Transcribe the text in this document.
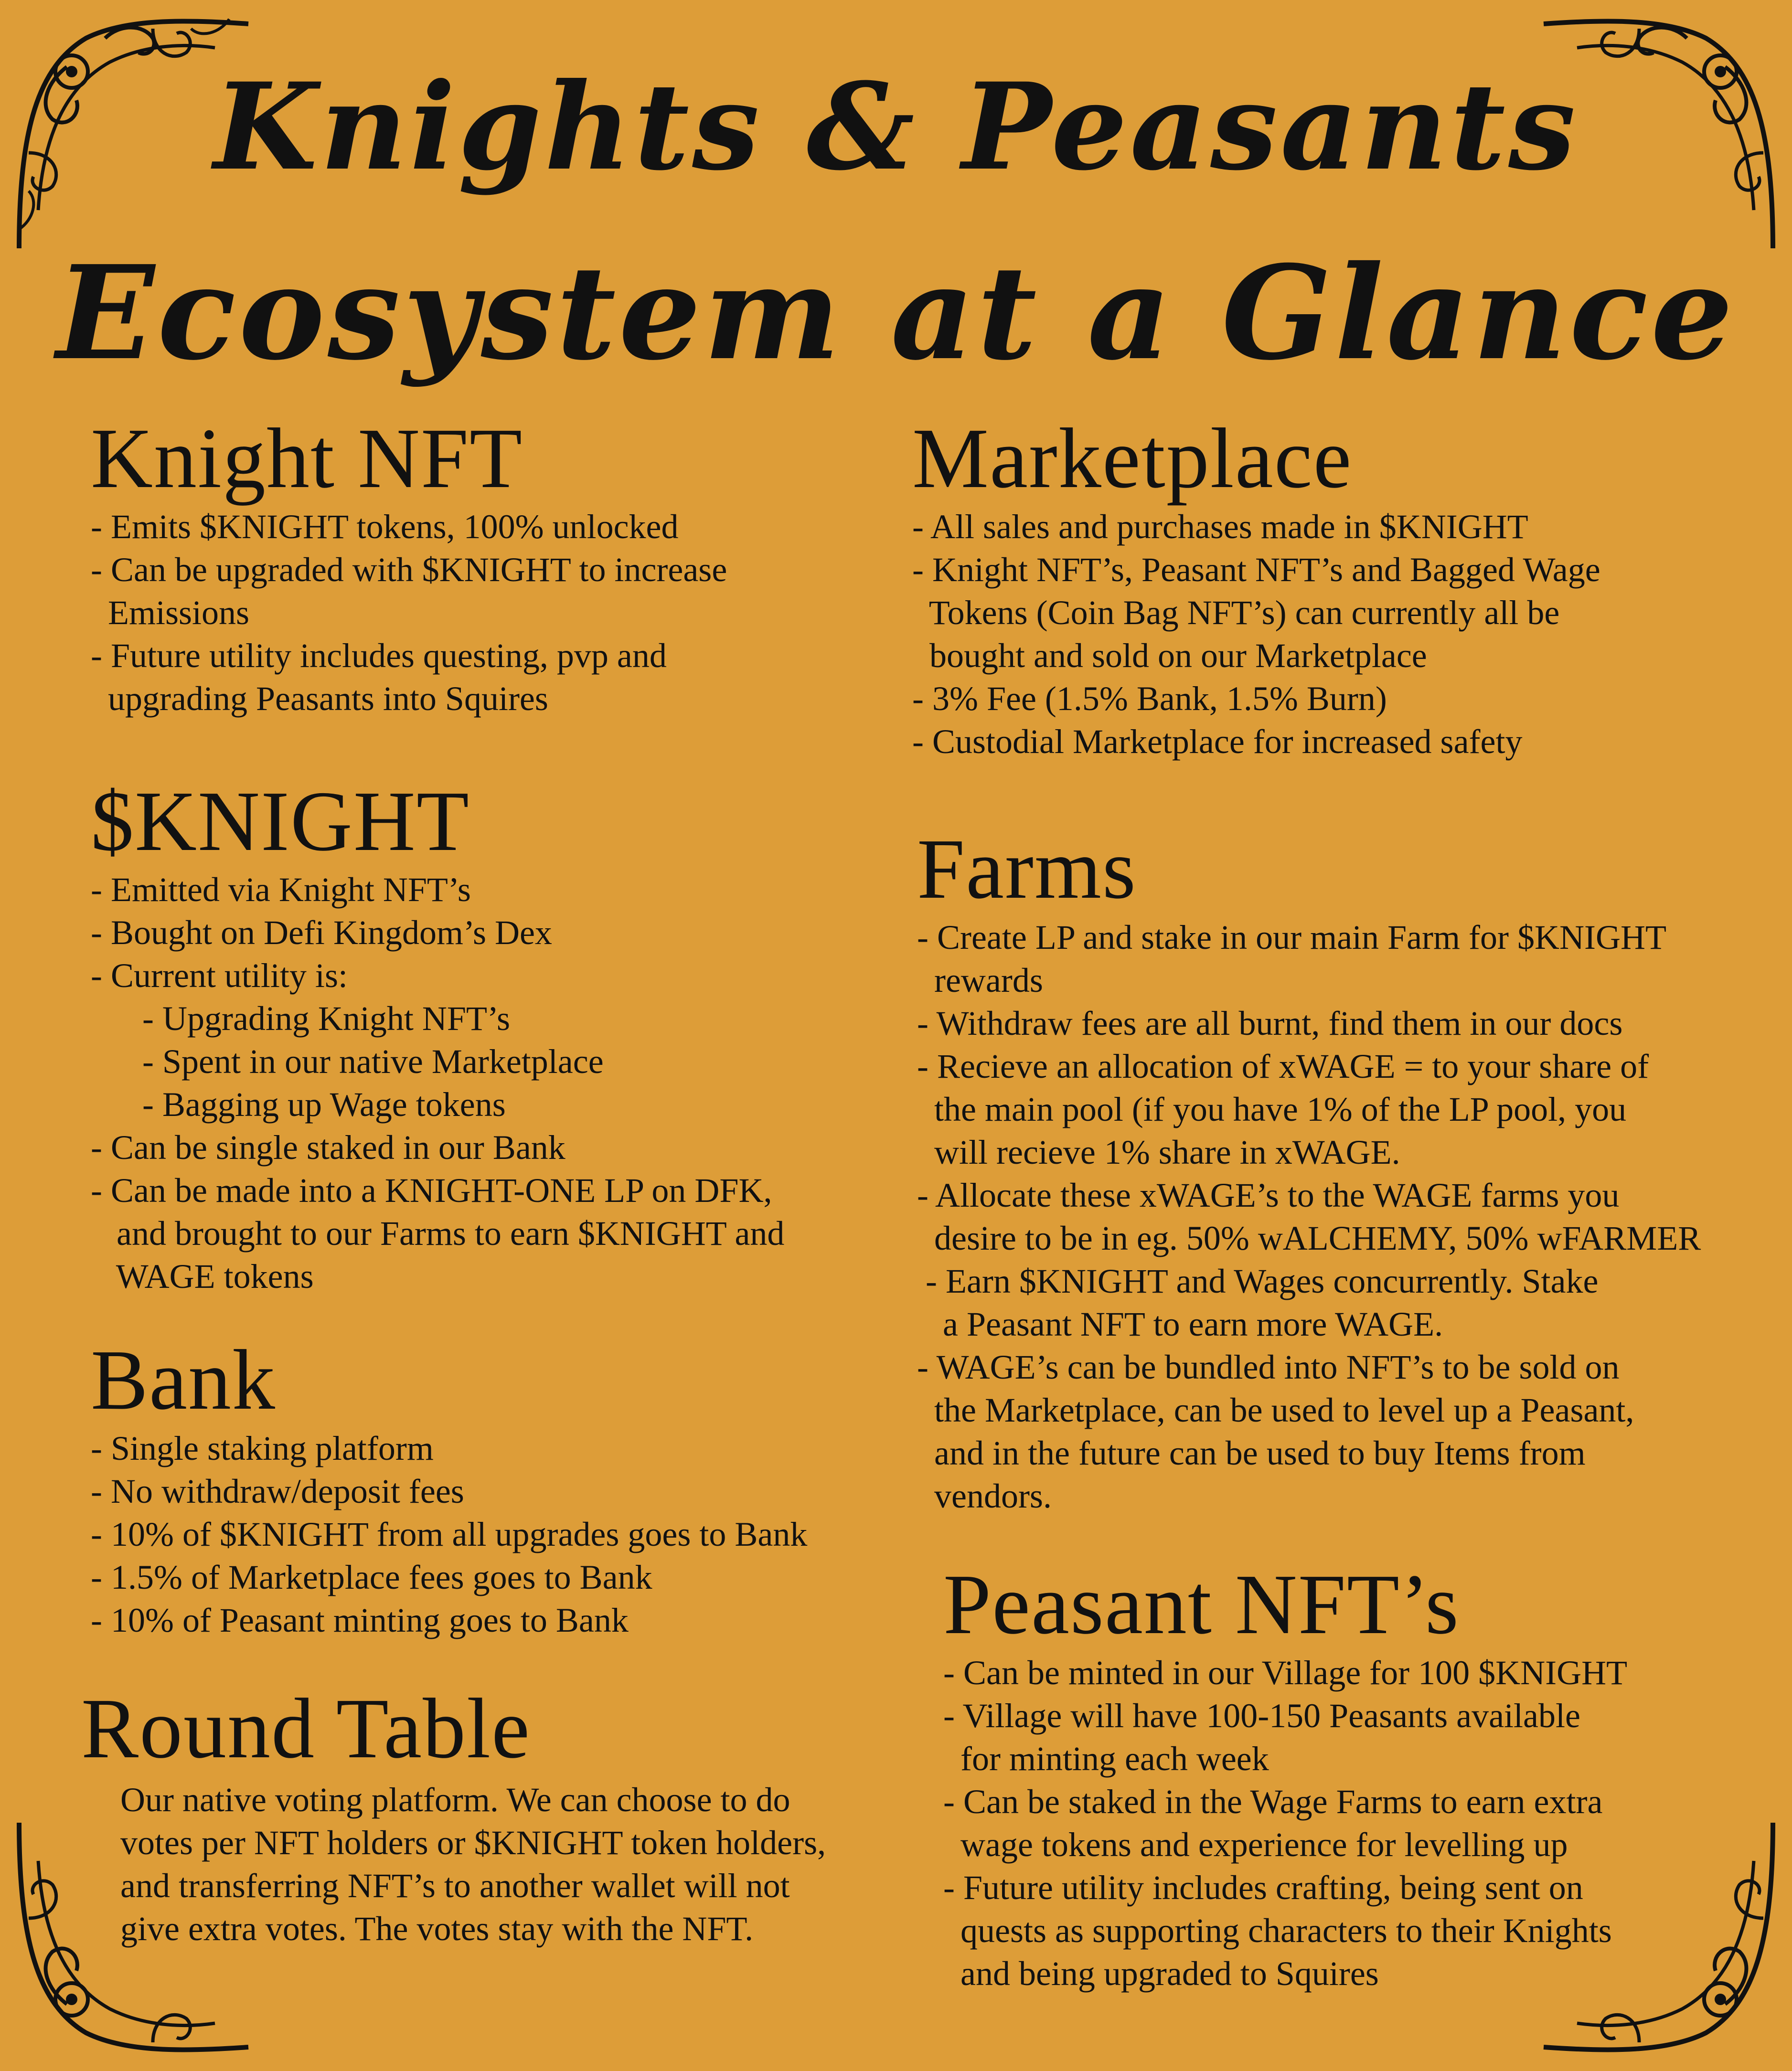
Knights & Peasants
Ecosystem at a Glance
Knight NFT
- Emits $KNIGHT tokens, 100% unlocked
- Can be upgraded with $KNIGHT to increase
Emissions
- Future utility includes questing, pvp and
upgrading Peasants into Squires
$KNIGHT
- Emitted via Knight NFT’s
- Bought on Defi Kingdom’s Dex
- Current utility is:
- Upgrading Knight NFT’s
- Spent in our native Marketplace
- Bagging up Wage tokens
- Can be single staked in our Bank
- Can be made into a KNIGHT-ONE LP on DFK,
and brought to our Farms to earn $KNIGHT and
WAGE tokens
Bank
- Single staking platform
- No withdraw/deposit fees
- 10% of $KNIGHT from all upgrades goes to Bank
- 1.5% of Marketplace fees goes to Bank
- 10% of Peasant minting goes to Bank
Round Table

Our native voting platform. We can choose to do
votes per NFT holders or $KNIGHT token holders,
and transferring NFT’s to another wallet will not
give extra votes. The votes stay with the NFT.

Marketplace
- All sales and purchases made in $KNIGHT
- Knight NFT’s, Peasant NFT’s and Bagged Wage
Tokens (Coin Bag NFT’s) can currently all be
bought and sold on our Marketplace
- 3% Fee (1.5% Bank, 1.5% Burn)
- Custodial Marketplace for increased safety
Farms
- Create LP and stake in our main Farm for $KNIGHT
rewards
- Withdraw fees are all burnt, find them in our docs
- Recieve an allocation of xWAGE = to your share of
the main pool (if you have 1% of the LP pool, you
will recieve 1% share in xWAGE.
- Allocate these xWAGE’s to the WAGE farms you
desire to be in eg. 50% wALCHEMY, 50% wFARMER
- Earn $KNIGHT and Wages concurrently. Stake
a Peasant NFT to earn more WAGE.
- WAGE’s can be bundled into NFT’s to be sold on
the Marketplace, can be used to level up a Peasant,
and in the future can be used to buy Items from
vendors.
Peasant NFT’s
- Can be minted in our Village for 100 $KNIGHT
- Village will have 100-150 Peasants available
for minting each week
- Can be staked in the Wage Farms to earn extra
wage tokens and experience for levelling up
- Future utility includes crafting, being sent on
quests as supporting characters to their Knights
and being upgraded to Squires
